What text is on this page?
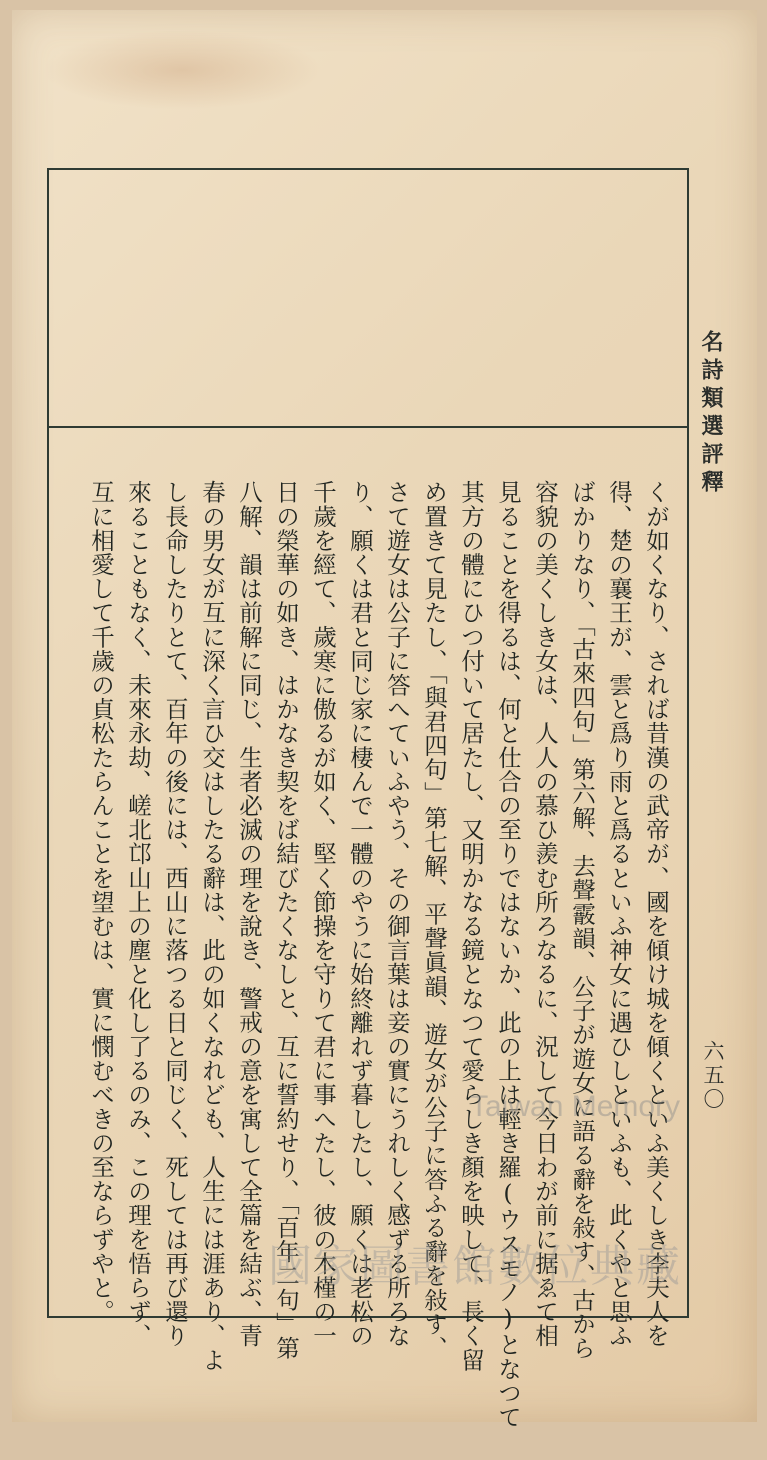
くが如くなり、されば昔漢の武帝が、國を傾け城を傾くといふ美くしき李夫人を
得、楚の襄王が、雲と爲り雨と爲るといふ神女に遇ひしといふも、此くやと思ふ
ばかりなり、「古來四句」第六解、去聲霰韻、公子が遊女に語る辭を敍す、古から
容貌の美くしき女は、人人の慕ひ羨む所ろなるに、況して今日わが前に据ゑて相
見ることを得るは、何と仕合の至りではないか、此の上は輕き羅(ウスモノ)となつて
其方の體にひつ付いて居たし、又明かなる鏡となつて愛らしき顏を映して、長く留
め置きて見たし、「與君四句」第七解、平聲眞韻、遊女が公子に答ふる辭を敍す、
さて遊女は公子に答へていふやう、その御言葉は妾の實にうれしく感ずる所ろな
り、願くは君と同じ家に棲んで一體のやうに始終離れず暮したし、願くは老松の
千歲を經て、歲寒に傲るが如く、堅く節操を守りて君に事へたし、彼の木槿の一
日の榮華の如き、はかなき契をば結びたくなしと、互に誓約せり、「百年二句」第
八解、韻は前解に同じ、生者必滅の理を說き、警戒の意を寓して全篇を結ぶ、青
春の男女が互に深く言ひ交はしたる辭は、此の如くなれども、人生には涯あり、よ
し長命したりとて、百年の後には、西山に落つる日と同じく、死しては再び還り
來ることもなく、未來永劫、嵯北邙山上の塵と化し了るのみ、この理を悟らず、
互に相愛して千歲の貞松たらんことを望むは、實に憫むべきの至ならずやと。
名詩類選評釋
六五〇
Taiwan Memory
國家圖書館數位典藏
